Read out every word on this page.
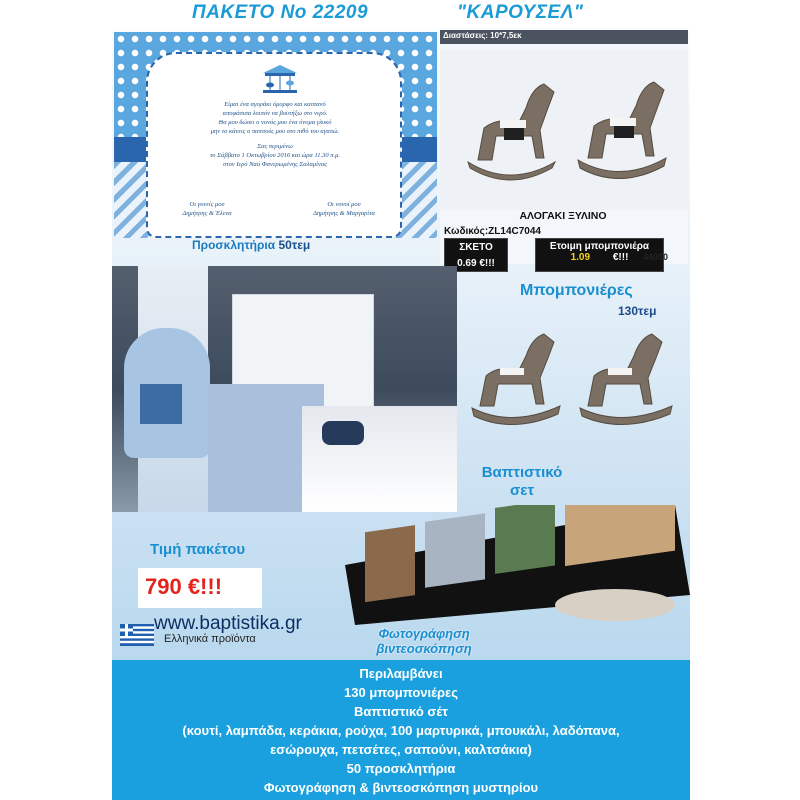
ΠΑΚΕΤΟ Νο 22209	"ΚΑΡΟΥΣΕΛ"
Είμαι ένα αγοράκι όμορφο και καστανό
αποφάσισα λοιπόν να βουτήξω στο νερό.
Θα μου δώσει ο νονός μου ένα όνομα γλυκό
μην το κάνεις ο παππούς μου στο πιθό του αγαπώ.
Σας περιμένω
το Σάββατο 1 Οκτωβρίου 2016 και ώρα 11.30 π.μ.
στον Ιερό Ναό Φανερωμένης Σαλαμίνας
Οι γονείς μου
Δημήτρης & Έλενα
Οι νονοί μου
Δημήτρης & Μαργαρίτα
Προσκλητήρια 50τεμ
Διαστάσεις: 10*7,5εκ
ΑΛΟΓΑΚΙ ΞΥΛΙΝΟ
Κωδικός:ZL14C7044
ΣΚΕΤΟ
0.69 €!!!
Ετοιμη μπομπονιέρα
1.09 €!!!	44050
Μπομπονιέρες
130τεμ
Βαπτιστικό
σετ
Τιμή πακέτου
790 €!!!
www.baptistika.gr
Ελληνικά προϊόντα	Φωτογράφηση
βιντεοσκόπηση
Περιλαμβάνει
130 μπομπονιέρες
Βαπτιστικό σέτ
(κουτί, λαμπάδα, κεράκια, ρούχα, 100 μαρτυρικά, μπουκάλι, λαδόπανα,
εσώρουχα, πετσέτες, σαπούνι, καλτσάκια)
50 προσκλητήρια
Φωτογράφηση & βιντεοσκόπηση μυστηρίου
